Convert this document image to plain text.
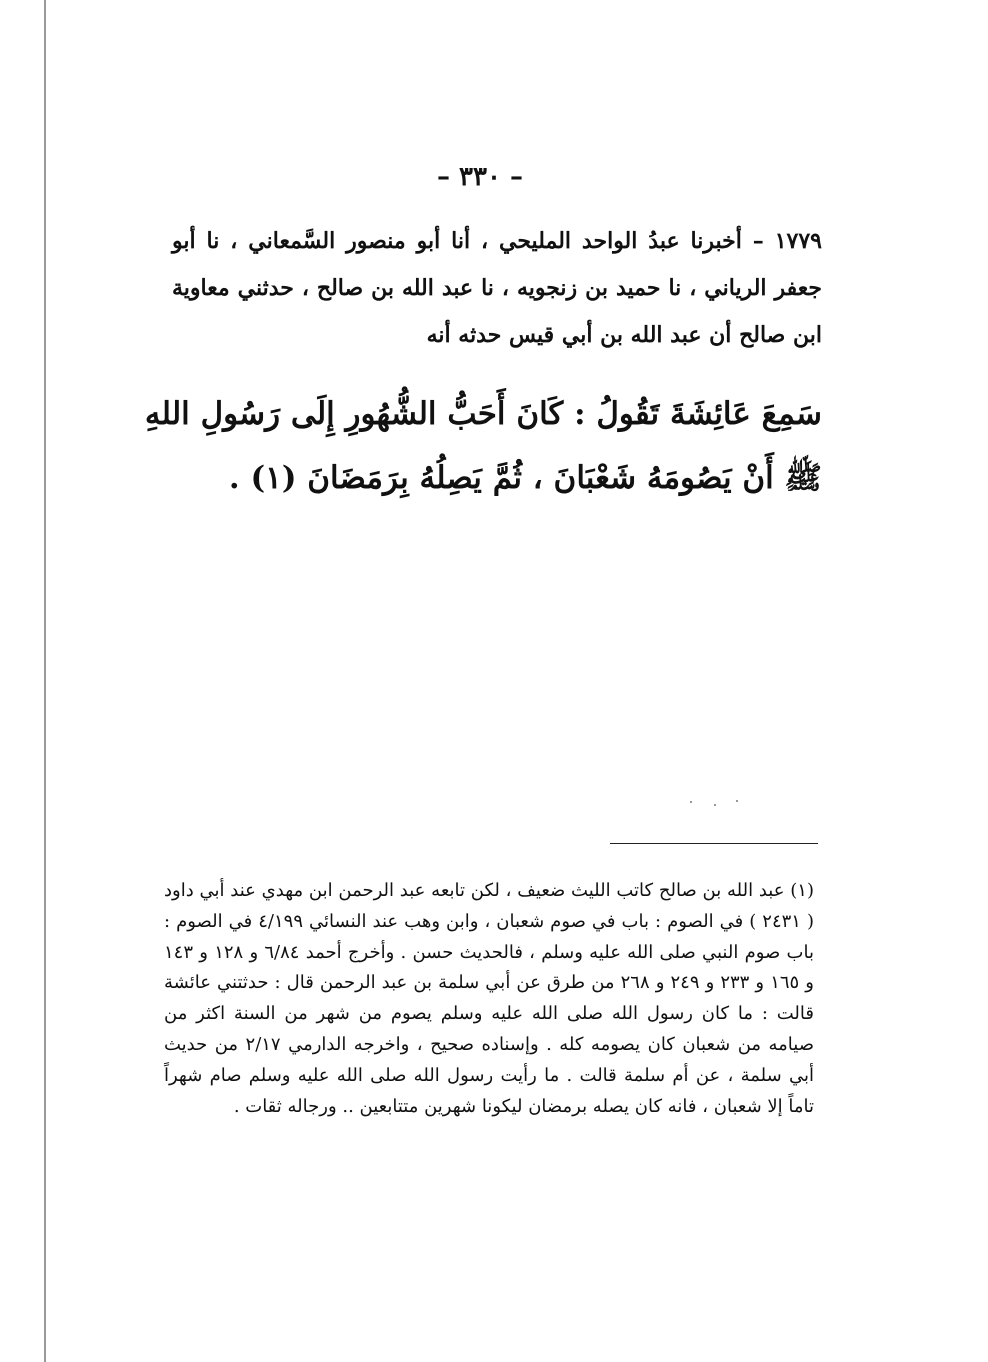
– ٣٣٠ –
١٧٧٩ – أخبرنا عبدُ الواحد المليحي ، أنا أبو منصور السَّمعاني ، نا أبو جعفر الرياني ، نا حميد بن زنجويه ، نا عبد الله بن صالح ، حدثني معاوية ابن صالح أن عبد الله بن أبي قيس حدثه أنه
سَمِعَ عَائِشَةَ تَقُولُ : كَانَ أَحَبُّ الشُّهُورِ إِلَى رَسُولِ اللهِ
ﷺ أَنْ يَصُومَهُ شَعْبَانَ ، ثُمَّ يَصِلُهُ بِرَمَضَانَ (١) .
(١) عبد الله بن صالح كاتب الليث ضعيف ، لكن تابعه عبد الرحمن ابن مهدي عند أبي داود ( ٢٤٣١ ) في الصوم : باب في صوم شعبان ، وابن وهب عند النسائي ٤/١٩٩ في الصوم : باب صوم النبي صلى الله عليه وسلم ، فالحديث حسن . وأخرج أحمد ٦/٨٤ و ١٢٨ و ١٤٣ و ١٦٥ و ٢٣٣ و ٢٤٩ و ٢٦٨ من طرق عن أبي سلمة بن عبد الرحمن قال : حدثتني عائشة قالت : ما كان رسول الله صلى الله عليه وسلم يصوم من شهر من السنة اكثر من صيامه من شعبان كان يصومه كله . وإسناده صحيح ، واخرجه الدارمي ٢/١٧ من حديث أبي سلمة ، عن أم سلمة قالت . ما رأيت رسول الله صلى الله عليه وسلم صام شهراً تاماً إلا شعبان ، فانه كان يصله برمضان ليكونا شهرين متتابعين .. ورجاله ثقات .
